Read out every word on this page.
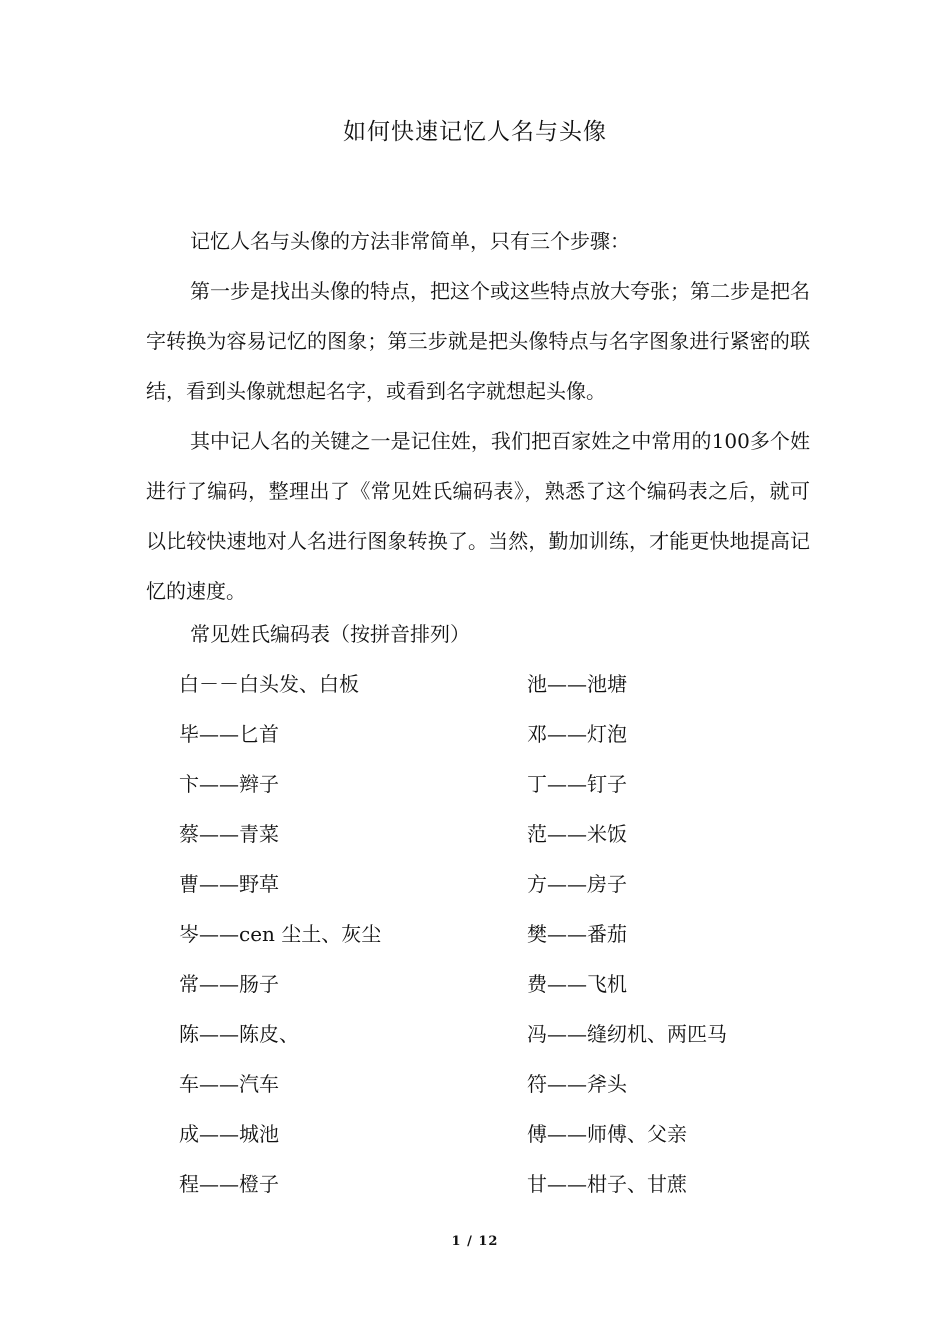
如何快速记忆人名与头像

记忆人名与头像的方法非常简单，只有三个步骤：

第一步是找出头像的特点，把这个或这些特点放大夸张；第二步是把名字转换为容易记忆的图象；第三步就是把头像特点与名字图象进行紧密的联结，看到头像就想起名字，或看到名字就想起头像。

其中记人名的关键之一是记住姓，我们把百家姓之中常用的100多个姓进行了编码，整理出了《常见姓氏编码表》，熟悉了这个编码表之后，就可以比较快速地对人名进行图象转换了。当然，勤加训练，才能更快地提高记忆的速度。

常见姓氏编码表（按拼音排列）
白－－白头发、白板	池——池塘
毕——匕首	邓——灯泡
卞——辫子	丁——钉子
蔡——青菜	范——米饭
曹——野草	方——房子
岑——cen 尘土、灰尘	樊——番茄
常——肠子	费——飞机
陈——陈皮、	冯——缝纫机、两匹马
车——汽车	符——斧头
成——城池	傅——师傅、父亲
程——橙子	甘——柑子、甘蔗
1 / 12
